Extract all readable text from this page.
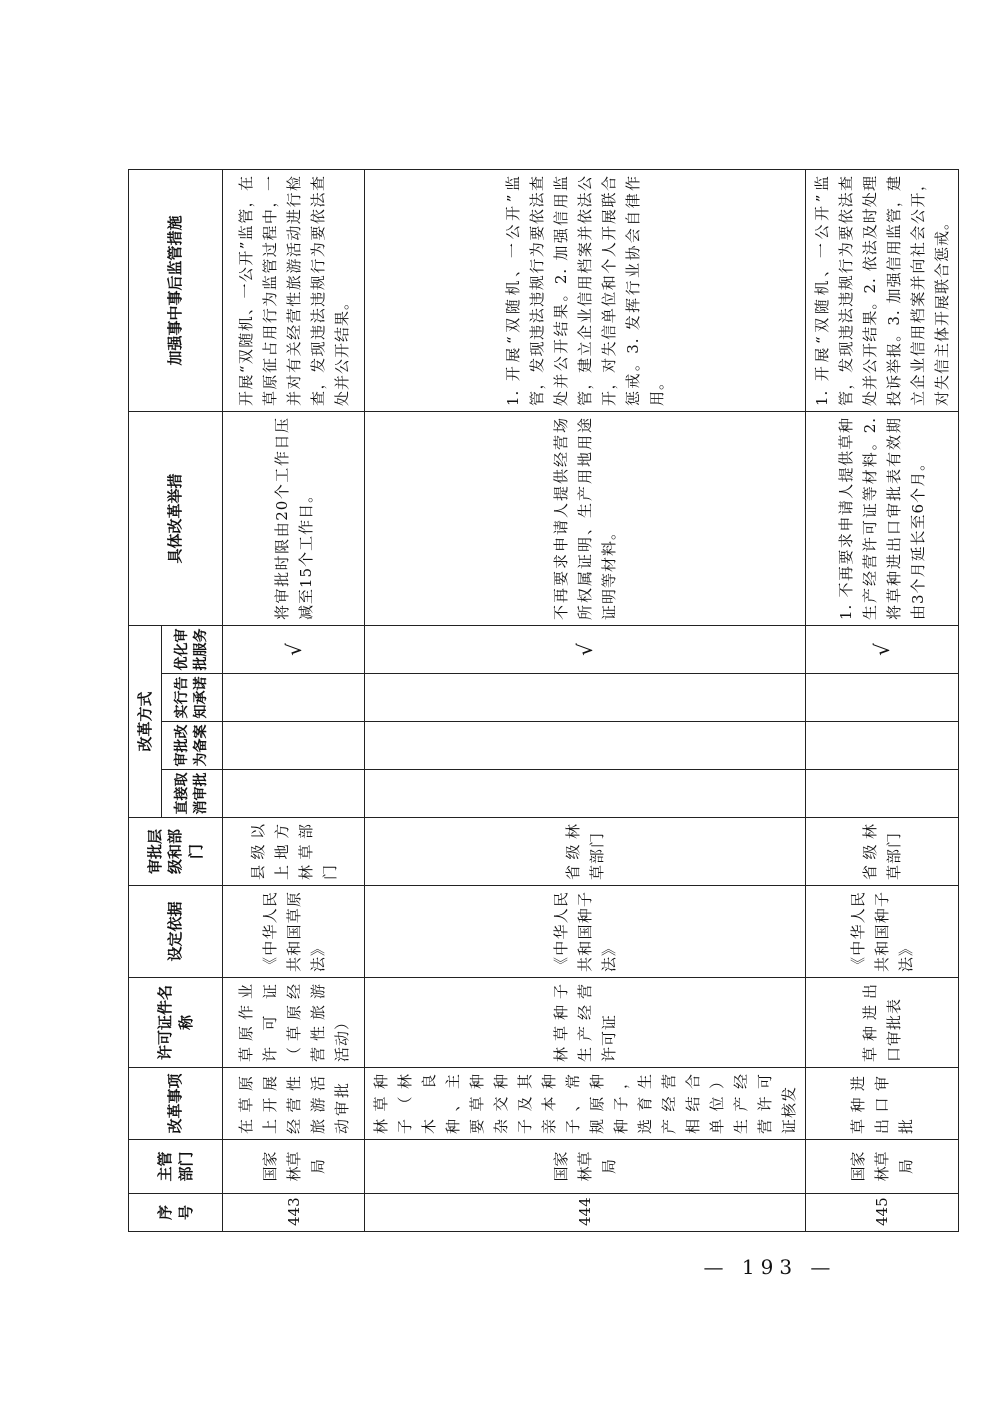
序号	主管部门	改革事项	许可证件名称	设定依据	审批层级和部门	改革方式				具体改革举措	加强事中事后监管措施
						直接取消审批	审批改为备案	实行告知承诺	优化审批服务		
443	国家林草局	在草原上开展经营性旅游活动审批	草原作业许可证（草原经营性旅游活动）	《中华人民共和国草原法》	县级以上地方林草部门				√	将审批时限由20个工作日压减至15个工作日。	开展“双随机、一公开”监管，在草原征占用行为监管过程中，一并对有关经营性旅游活动进行检查，发现违法违规行为要依法查处并公开结果。
444	国家林草局	林草种子（林木良种、主要草种杂交种子及其亲本种子、常规原种种子，选育生产经营相结合单位）生产经营许可证核发	林草种子生产经营许可证	《中华人民共和国种子法》	省级林草部门				√	不再要求申请人提供经营场所权属证明、生产用地用途证明等材料。	1. 开展“双随机、一公开”监管，发现违法违规行为要依法查处并公开结果。2. 加强信用监管，建立企业信用档案并依法公开，对失信单位和个人开展联合惩戒。3. 发挥行业协会自律作用。
445	国家林草局	草种进出口审批	草种进出口审批表	《中华人民共和国种子法》	省级林草部门				√	1. 不再要求申请人提供草种生产经营许可证等材料。2. 将草种进出口审批表有效期由3个月延长至6个月。	1. 开展“双随机、一公开”监管，发现违法违规行为要依法查处并公开结果。2. 依法及时处理投诉举报。3. 加强信用监管，建立企业信用档案并向社会公开，对失信主体开展联合惩戒。
— 193 —
